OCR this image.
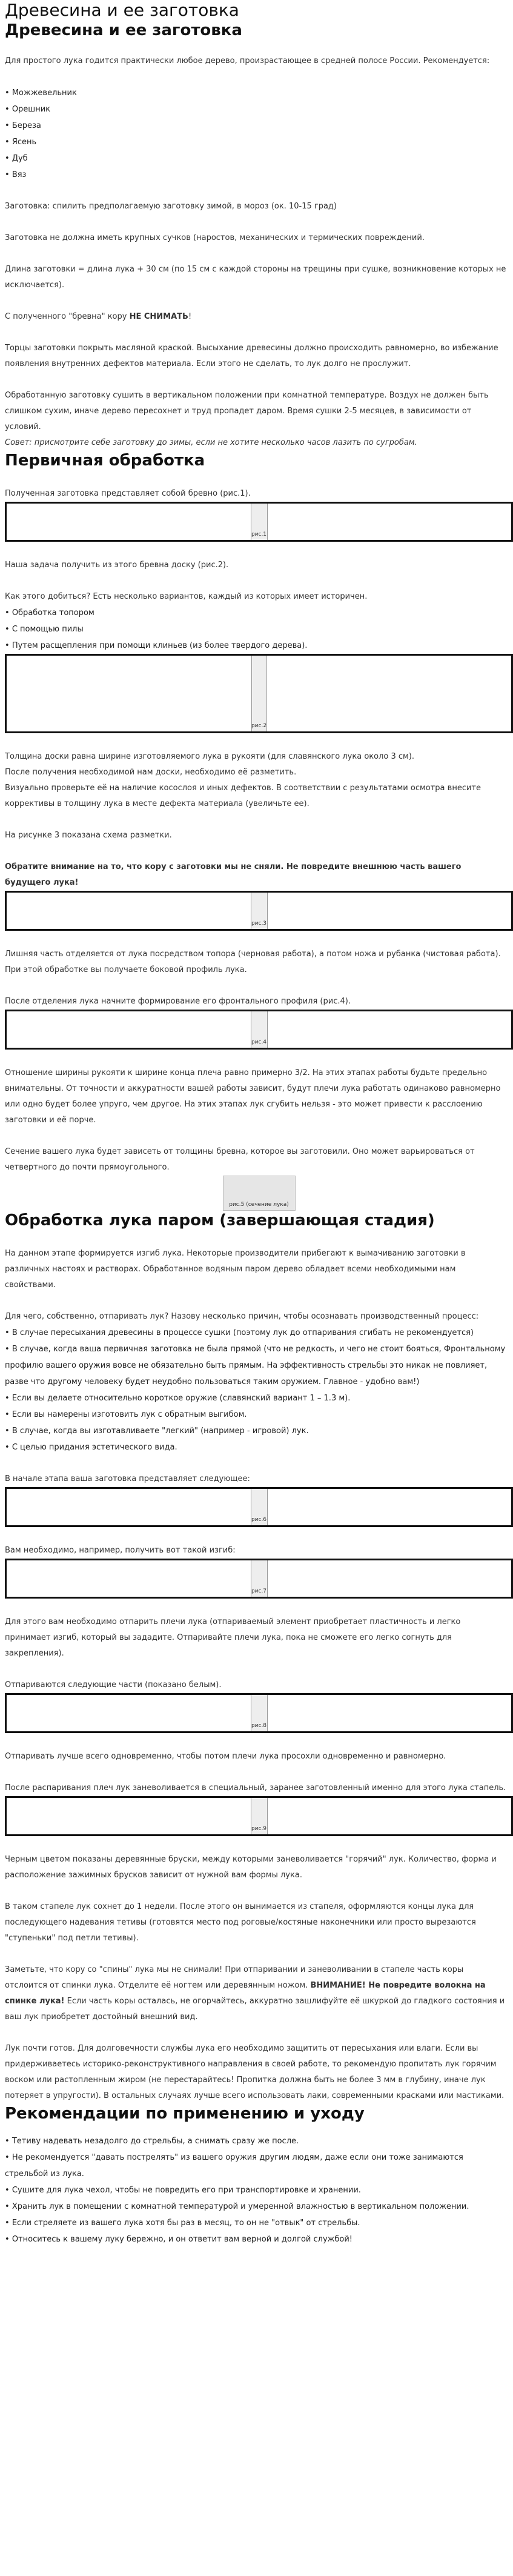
Древесина и ее заготовка
Древесина и ее заготовка

Для простого лука годится практически любое дерево, произрастающее в средней полосе России. Рекомендуется:

• Можжевельник
• Орешник
• Береза
• Ясень
• Дуб
• Вяз

Заготовка: спилить предполагаемую заготовку зимой, в мороз (ок. 10-15 град)

Заготовка не должна иметь крупных сучков (наростов, механических и термических повреждений.

Длина заготовки = длина лука + 30 см (по 15 см с каждой стороны на трещины при сушке, возникновение которых не исключается).

С полученного "бревна" кору НЕ СНИМАТЬ!

Торцы заготовки покрыть масляной краской. Высыхание древесины должно происходить равномерно, во избежание появления внутренних дефектов материала. Если этого не сделать, то лук долго не прослужит.

Обработанную заготовку сушить в вертикальном положении при комнатной температуре. Воздух не должен быть слишком сухим, иначе дерево пересохнет и труд пропадет даром. Время сушки 2-5 месяцев, в зависимости от условий.

Совет: присмотрите себе заготовку до зимы, если не хотите несколько часов лазить по сугробам.

Первичная обработка

Полученная заготовка представляет собой бревно (рис.1).

рис.1

Наша задача получить из этого бревна доску (рис.2).

Как этого добиться? Есть несколько вариантов, каждый из которых имеет историчен.

• Обработка топором
• С помощью пилы
• Путем расщепления при помощи клиньев (из более твердого дерева).
рис.2

Толщина доски равна ширине изготовляемого лука в рукояти (для славянского лука около 3 см).

После получения необходимой нам доски, необходимо её разметить.

Визуально проверьте её на наличие косослоя и иных дефектов. В соответствии с результатами осмотра внесите коррективы в толщину лука в месте дефекта материала (увеличьте ее).

На рисунке 3 показана схема разметки.

Обратите внимание на то, что кору с заготовки мы не сняли. Не повредите внешнюю часть вашего будущего лука!

рис.3

Лишняя часть отделяется от лука посредством топора (черновая работа), а потом ножа и рубанка (чистовая работа).

При этой обработке вы получаете боковой профиль лука.

После отделения лука начните формирование его фронтального профиля (рис.4).

рис.4

Отношение ширины рукояти к ширине конца плеча равно примерно 3/2. На этих этапах работы будьте предельно внимательны. От точности и аккуратности вашей работы зависит, будут плечи лука работать одинаково равномерно или одно будет более упруго, чем другое. На этих этапах лук сгубить нельзя - это может привести к расслоению заготовки и её порче.

Сечение вашего лука будет зависеть от толщины бревна, которое вы заготовили. Оно может варьироваться от четвертного до почти прямоугольного.

рис.5 (сечение лука)
Обработка лука паром (завершающая стадия)

На данном этапе формируется изгиб лука. Некоторые производители прибегают к вымачиванию заготовки в различных настоях и растворах. Обработанное водяным паром дерево обладает всеми необходимыми нам свойствами.

Для чего, собственно, отпаривать лук? Назову несколько причин, чтобы осознавать производственный процесс:

• В случае пересыхания древесины в процессе сушки (поэтому лук до отпаривания сгибать не рекомендуется)
• В случае, когда ваша первичная заготовка не была прямой (что не редкость, и чего не стоит бояться, Фронтальному профилю вашего оружия вовсе не обязательно быть прямым. На эффективность стрельбы это никак не повлияет, разве что другому человеку будет неудобно пользоваться таким оружием. Главное - удобно вам!)
• Если вы делаете относительно короткое оружие (славянский вариант 1 – 1.3 м).
• Если вы намерены изготовить лук с обратным выгибом.
• В случае, когда вы изготавливаете "легкий" (например - игровой) лук.
• С целью придания эстетического вида.

В начале этапа ваша заготовка представляет следующее:

рис.6

Вам необходимо, например, получить вот такой изгиб:

рис.7

Для этого вам необходимо отпарить плечи лука (отпариваемый элемент приобретает пластичность и легко принимает изгиб, который вы зададите. Отпаривайте плечи лука, пока не сможете его легко согнуть для закрепления).

Отпариваются следующие части (показано белым).

рис.8

Отпаривать лучше всего одновременно, чтобы потом плечи лука просохли одновременно и равномерно.

После распаривания плеч лук заневоливается в специальный, заранее заготовленный именно для этого лука стапель.

рис.9

Черным цветом показаны деревянные бруски, между которыми заневоливается "горячий" лук. Количество, форма и расположение зажимных брусков зависит от нужной вам формы лука.

В таком стапеле лук сохнет до 1 недели. После этого он вынимается из стапеля, оформляются концы лука для последующего надевания тетивы (готовятся место под роговые/костяные наконечники или просто вырезаются "ступеньки" под петли тетивы).

Заметьте, что кору со "спины" лука мы не снимали! При отпаривании и заневоливании в стапеле часть коры отслоится от спинки лука. Отделите её ногтем или деревянным ножом. ВНИМАНИЕ! Не повредите волокна на спинке лука! Если часть коры осталась, не огорчайтесь, аккуратно зашлифуйте её шкуркой до гладкого состояния и ваш лук приобретет достойный внешний вид.

Лук почти готов. Для долговечности службы лука его необходимо защитить от пересыхания или влаги. Если вы придерживаетесь историко-реконструктивного направления в своей работе, то рекомендую пропитать лук горячим воском или растопленным жиром (не перестарайтесь! Пропитка должна быть не более 3 мм в глубину, иначе лук потеряет в упругости). В остальных случаях лучше всего использовать лаки, современными красками или мастиками.

Рекомендации по применению и уходу
• Тетиву надевать незадолго до стрельбы, а снимать сразу же после.
• Не рекомендуется "давать пострелять" из вашего оружия другим людям, даже если они тоже занимаются стрельбой из лука.
• Сушите для лука чехол, чтобы не повредить его при транспортировке и хранении.
• Хранить лук в помещении с комнатной температурой и умеренной влажностью в вертикальном положении.
• Если стреляете из вашего лука хотя бы раз в месяц, то он не "отвык" от стрельбы.
• Относитесь к вашему луку бережно, и он ответит вам верной и долгой службой!
